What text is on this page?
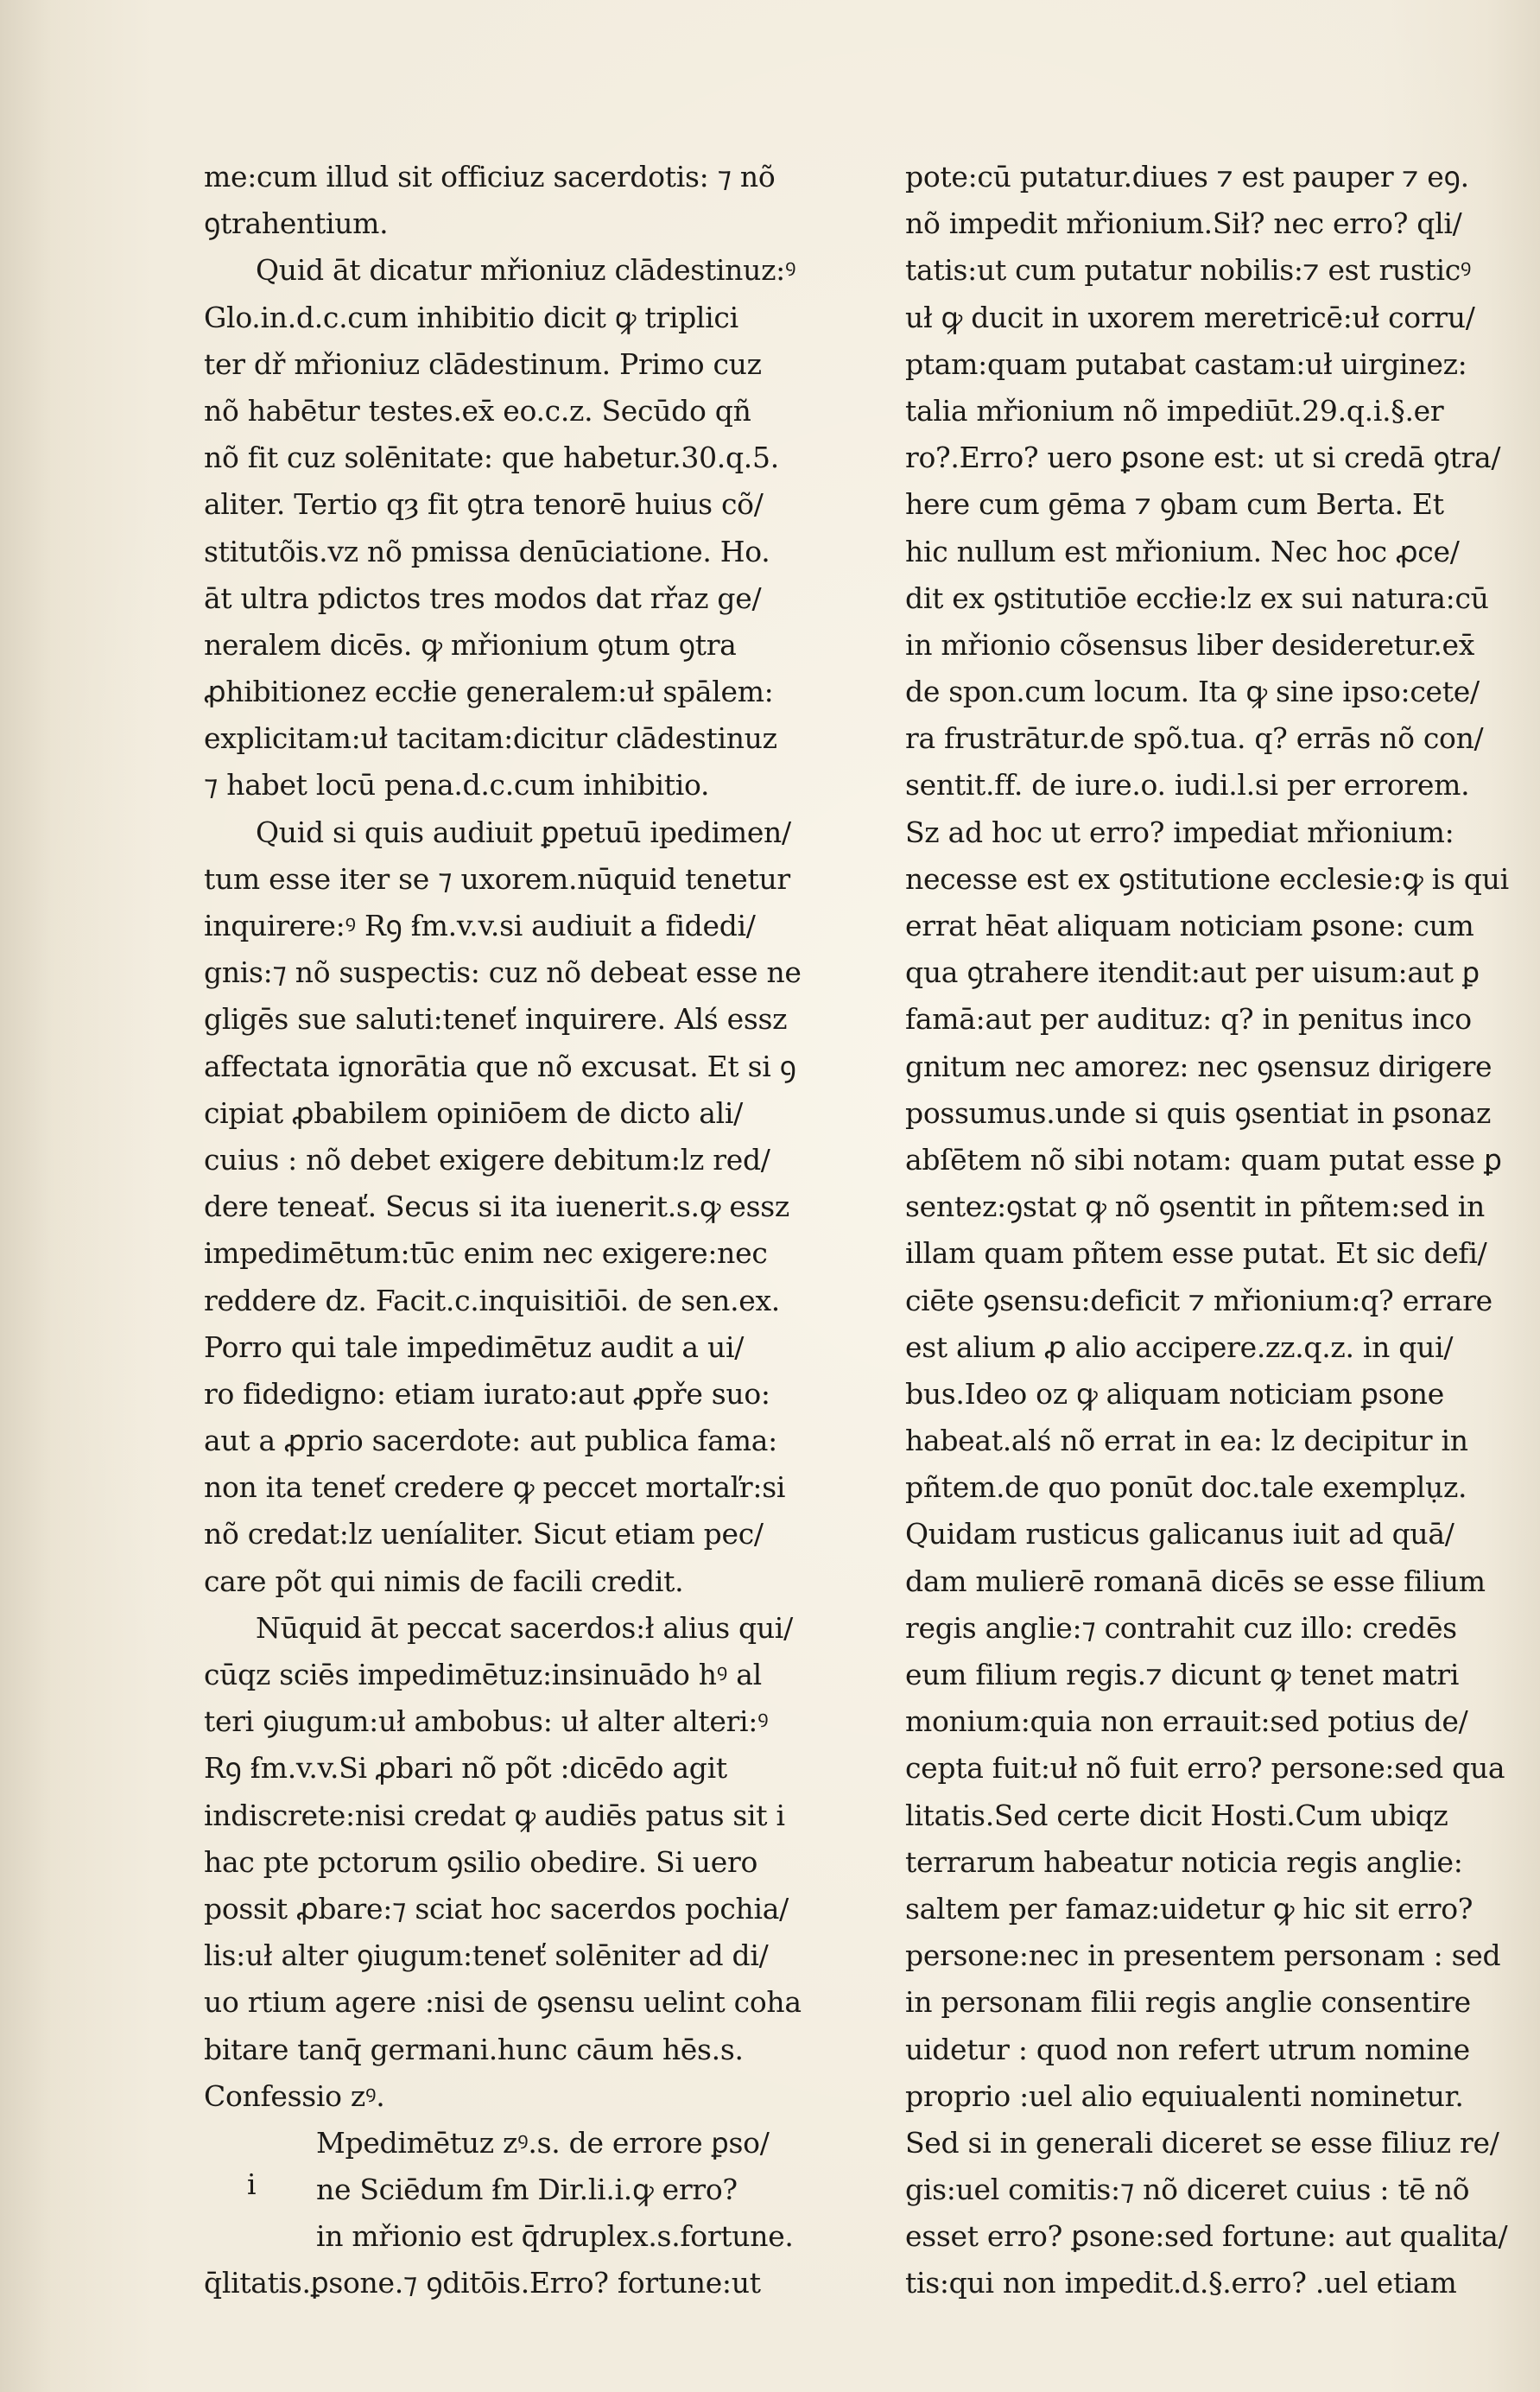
me:cum illud sit officiuz sacerdotis: ⁊ nõ
ꝯtrahentium.
Quid āt dicatur mřioniuz clādestinuz:ꝰ
Glo.in.d.c.cum inhibitio dicit ꝙ triplici
ter dř mřioniuz clādestinum. Primo cuz
nõ habētur testes.ex̄ eo.c.z. Secūdo qñ
nõ fit cuz solēnitate: que habetur.30.q.5.
aliter. Tertio qȝ fit ꝯtra tenorē huius cõ/
stitutõis.vz nõ pmissa denūciatione. Ho.
āt ultra pdictos tres modos dat rřaz ge/
neralem dicēs. ꝙ mřionium ꝯtum ꝯtra
ꝓhibitionez eccłie generalem:uł spālem:
explicitam:uł tacitam:dicitur clādestinuz
⁊ habet locū pena.d.c.cum inhibitio.
Quid si quis audiuit ꝑpetuū ipedimen/
tum esse iter se ⁊ uxorem.nūquid tenetur
inquirere:ꝰ Rꝯ ẜm.v.v.si audiuit a fidedi/
gnis:⁊ nõ suspectis: cuz nõ debeat esse ne
gligēs sue saluti:teneť inquirere. Alś essz
affectata ignorātia que nõ excusat. Et si ꝯ
cipiat ꝓbabilem opiniōem de dicto ali/
cuius : nõ debet exigere debitum:lz red/
dere teneať. Secus si ita iuenerit.s.ꝙ essz
impedimētum:tūc enim nec exigere:nec
reddere dz. Facit.c.inquisitiōi. de sen.ex.
Porro qui tale impedimētuz audit a ui/
ro fidedigno: etiam iurato:aut ꝓpře suo:
aut a ꝓprio sacerdote: aut publica fama:
non ita teneť credere ꝙ peccet mortaľr:si
nõ credat:lz ueníaliter. Sicut etiam pec/
care põt qui nimis de facili credit.
Nūquid āt peccat sacerdos:ł alius qui/
cūqz sciēs impedimētuz:insinuādo hꝰ al
teri ꝯiugum:uł ambobus: uł alter alteri:ꝰ
Rꝯ ẜm.v.v.Si ꝓbari nõ põt :dicēdo agit
indiscrete:nisi credat ꝙ audiēs patus sit i
hac pte pctorum ꝯsilio obedire. Si uero
possit ꝓbare:⁊ sciat hoc sacerdos pochia/
lis:uł alter ꝯiugum:teneť solēniter ad di/
uo rtium agere :nisi de ꝯsensu uelint coha
bitare tanq̄ germani.hunc cāum hēs.s.
Confessio zꝰ.
Mpedimētuz zꝰ.s. de errore ꝑso/
ne Sciēdum ẜm Dir.li.i.ꝙ erro?
in mřionio est q̄druplex.s.fortune.
q̄litatis.ꝑsone.⁊ ꝯditōis.Erro? fortune:ut
i
pote:cū putatur.diues ⁊ est pauper ⁊ eꝯ.
nõ impedit mřionium.Sił? nec erro? qli/
tatis:ut cum putatur nobilis:⁊ est rusticꝰ
uł ꝙ ducit in uxorem meretricē:uł corru/
ptam:quam putabat castam:uł uirginez:
talia mřionium nõ impediūt.29.q.i.§.er
ro?.Erro? uero ꝑsone est: ut si credā ꝯtra/
here cum gēma ⁊ ꝯbam cum Berta. Et
hic nullum est mřionium. Nec hoc ꝓce/
dit ex ꝯstitutiōe eccłie:lz ex sui natura:cū
in mřionio cõsensus liber desideretur.ex̄
de spon.cum locum. Ita ꝙ sine ipso:cete/
ra frustrātur.de spõ.tua. q? errās nõ con/
sentit.ff. de iure.o. iudi.l.si per errorem.
Sz ad hoc ut erro? impediat mřionium:
necesse est ex ꝯstitutione ecclesie:ꝙ is qui
errat hēat aliquam noticiam ꝑsone: cum
qua ꝯtrahere itendit:aut per uisum:aut ꝑ
famā:aut per audituz: q? in penitus inco
gnitum nec amorez: nec ꝯsensuz dirigere
possumus.unde si quis ꝯsentiat in ꝑsonaz
abſētem nõ sibi notam: quam putat esse ꝑ
sentez:ꝯstat ꝙ nõ ꝯsentit in pñtem:sed in
illam quam pñtem esse putat. Et sic defi/
ciēte ꝯsensu:deficit ⁊ mřionium:q? errare
est alium ꝓ alio accipere.zz.q.z. in qui/
bus.Ideo oz ꝙ aliquam noticiam ꝑsone
habeat.alś nõ errat in ea: lz decipitur in
pñtem.de quo ponūt doc.tale exemplụz.
Quidam rusticus galicanus iuit ad quā/
dam mulierē romanā dicēs se esse filium
regis anglie:⁊ contrahit cuz illo: credēs
eum filium regis.⁊ dicunt ꝙ tenet matri
monium:quia non errauit:sed potius de/
cepta fuit:uł nõ fuit erro? persone:sed qua
litatis.Sed certe dicit Hosti.Cum ubiqz
terrarum habeatur noticia regis anglie:
saltem per famaz:uidetur ꝙ hic sit erro?
persone:nec in presentem personam : sed
in personam filii regis anglie consentire
uidetur : quod non refert utrum nomine
proprio :uel alio equiualenti nominetur.
Sed si in generali diceret se esse filiuz re/
gis:uel comitis:⁊ nõ diceret cuius : tē nõ
esset erro? ꝑsone:sed fortune: aut qualita/
tis:qui non impedit.d.§.erro? .uel etiam
